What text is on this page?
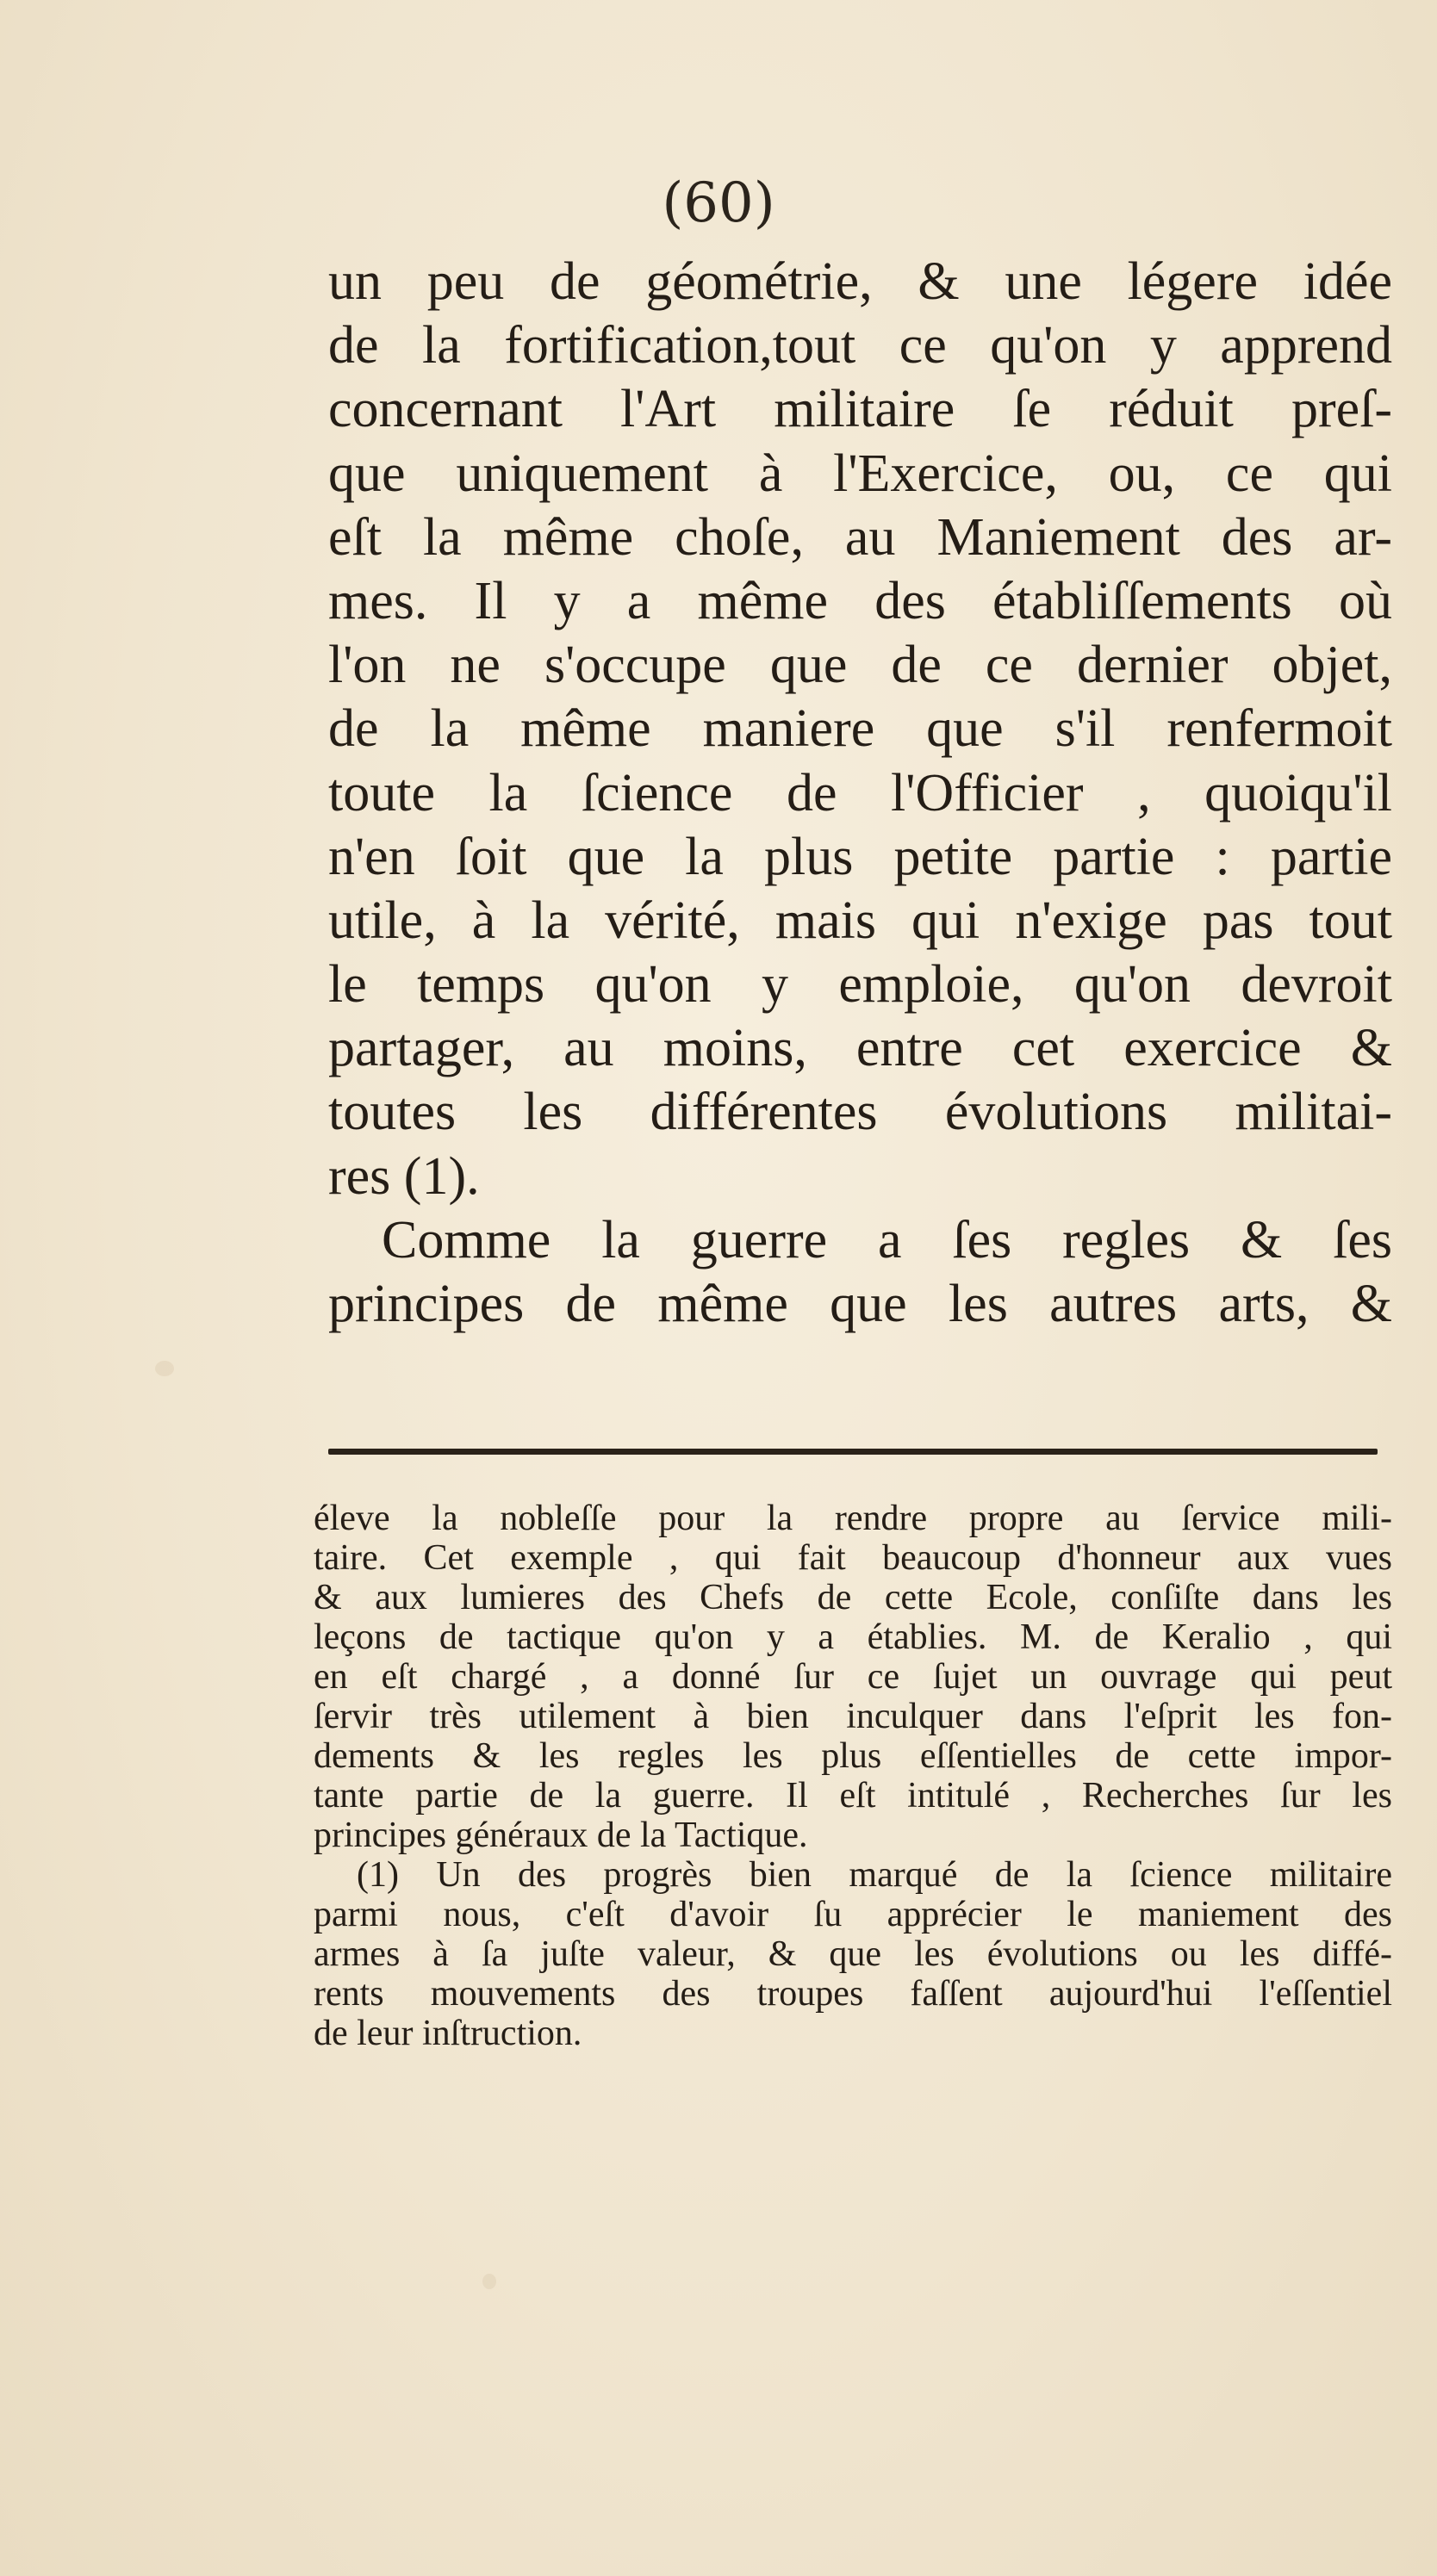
(60)
un peu de géométrie, & une légere idée
de la fortification,tout ce qu'on y apprend
concernant l'Art militaire ſe réduit preſ-
que uniquement à l'Exercice, ou, ce qui
eſt la même choſe, au Maniement des ar-
mes. Il y a même des établiſſements où
l'on ne s'occupe que de ce dernier objet,
de la même maniere que s'il renfermoit
toute la ſcience de l'Officier , quoiqu'il
n'en ſoit que la plus petite partie : partie
utile, à la vérité, mais qui n'exige pas tout
le temps qu'on y emploie, qu'on devroit
partager, au moins, entre cet exercice &
toutes les différentes évolutions militai-
res (1).
Comme la guerre a ſes regles & ſes
principes de même que les autres arts, &
éleve la nobleſſe pour la rendre propre au ſervice mili-
taire. Cet exemple , qui fait beaucoup d'honneur aux vues
& aux lumieres des Chefs de cette Ecole, conſiſte dans les
leçons de tactique qu'on y a établies. M. de Keralio , qui
en eſt chargé , a donné ſur ce ſujet un ouvrage qui peut
ſervir très utilement à bien inculquer dans l'eſprit les fon-
dements & les regles les plus eſſentielles de cette impor-
tante partie de la guerre. Il eſt intitulé , Recherches ſur les
principes généraux de la Tactique.
(1) Un des progrès bien marqué de la ſcience militaire
parmi nous, c'eſt d'avoir ſu apprécier le maniement des
armes à ſa juſte valeur, & que les évolutions ou les diffé-
rents mouvements des troupes faſſent aujourd'hui l'eſſentiel
de leur inſtruction.
